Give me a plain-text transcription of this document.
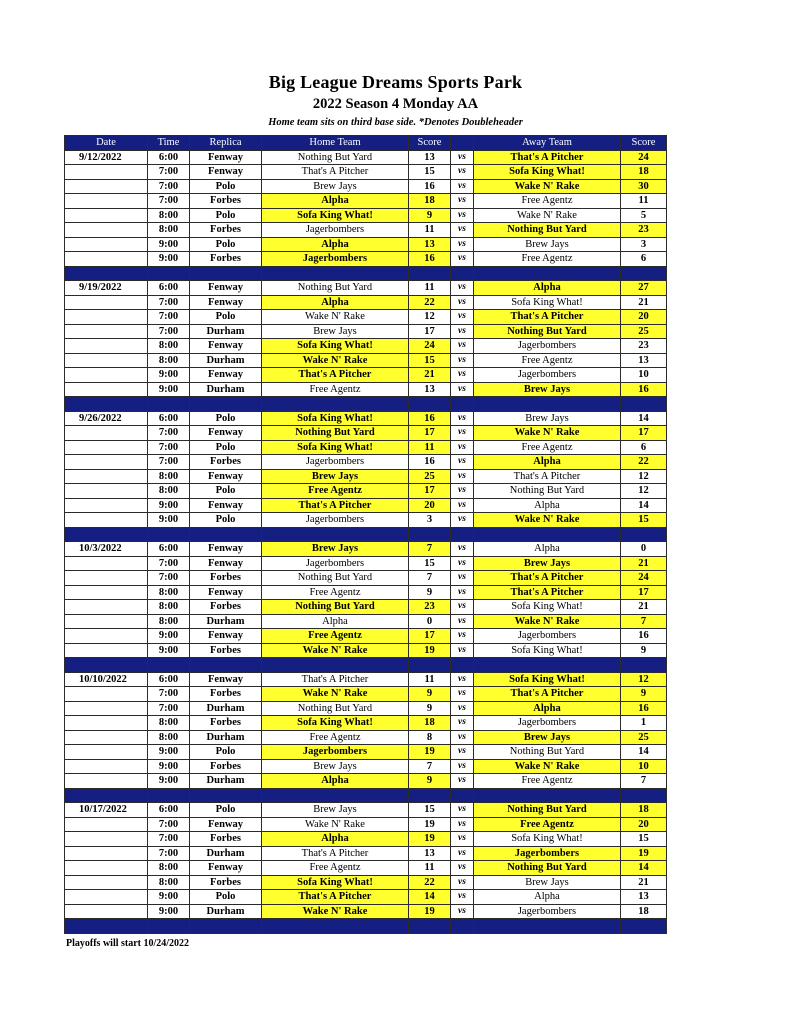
Big League Dreams Sports Park
2022 Season 4 Monday AA
Home team sits on third base side. *Denotes Doubleheader
Date	Time	Replica	Home Team	Score		Away Team	Score
9/12/2022	6:00	Fenway	Nothing But Yard	13	vs	That's A Pitcher	24
	7:00	Fenway	That's A Pitcher	15	vs	Sofa King What!	18
	7:00	Polo	Brew Jays	16	vs	Wake N' Rake	30
	7:00	Forbes	Alpha	18	vs	Free Agentz	11
	8:00	Polo	Sofa King What!	9	vs	Wake N' Rake	5
	8:00	Forbes	Jagerbombers	11	vs	Nothing But Yard	23
	9:00	Polo	Alpha	13	vs	Brew Jays	3
	9:00	Forbes	Jagerbombers	16	vs	Free Agentz	6

9/19/2022	6:00	Fenway	Nothing But Yard	11	vs	Alpha	27
	7:00	Fenway	Alpha	22	vs	Sofa King What!	21
	7:00	Polo	Wake N' Rake	12	vs	That's A Pitcher	20
	7:00	Durham	Brew Jays	17	vs	Nothing But Yard	25
	8:00	Fenway	Sofa King What!	24	vs	Jagerbombers	23
	8:00	Durham	Wake N' Rake	15	vs	Free Agentz	13
	9:00	Fenway	That's A Pitcher	21	vs	Jagerbombers	10
	9:00	Durham	Free Agentz	13	vs	Brew Jays	16

9/26/2022	6:00	Polo	Sofa King What!	16	vs	Brew Jays	14
	7:00	Fenway	Nothing But Yard	17	vs	Wake N' Rake	17
	7:00	Polo	Sofa King What!	11	vs	Free Agentz	6
	7:00	Forbes	Jagerbombers	16	vs	Alpha	22
	8:00	Fenway	Brew Jays	25	vs	That's A Pitcher	12
	8:00	Polo	Free Agentz	17	vs	Nothing But Yard	12
	9:00	Fenway	That's A Pitcher	20	vs	Alpha	14
	9:00	Polo	Jagerbombers	3	vs	Wake N' Rake	15

10/3/2022	6:00	Fenway	Brew Jays	7	vs	Alpha	0
	7:00	Fenway	Jagerbombers	15	vs	Brew Jays	21
	7:00	Forbes	Nothing But Yard	7	vs	That's A Pitcher	24
	8:00	Fenway	Free Agentz	9	vs	That's A Pitcher	17
	8:00	Forbes	Nothing But Yard	23	vs	Sofa King What!	21
	8:00	Durham	Alpha	0	vs	Wake N' Rake	7
	9:00	Fenway	Free Agentz	17	vs	Jagerbombers	16
	9:00	Forbes	Wake N' Rake	19	vs	Sofa King What!	9

10/10/2022	6:00	Fenway	That's A Pitcher	11	vs	Sofa King What!	12
	7:00	Forbes	Wake N' Rake	9	vs	That's A Pitcher	9
	7:00	Durham	Nothing But Yard	9	vs	Alpha	16
	8:00	Forbes	Sofa King What!	18	vs	Jagerbombers	1
	8:00	Durham	Free Agentz	8	vs	Brew Jays	25
	9:00	Polo	Jagerbombers	19	vs	Nothing But Yard	14
	9:00	Forbes	Brew Jays	7	vs	Wake N' Rake	10
	9:00	Durham	Alpha	9	vs	Free Agentz	7

10/17/2022	6:00	Polo	Brew Jays	15	vs	Nothing But Yard	18
	7:00	Fenway	Wake N' Rake	19	vs	Free Agentz	20
	7:00	Forbes	Alpha	19	vs	Sofa King What!	15
	7:00	Durham	That's A Pitcher	13	vs	Jagerbombers	19
	8:00	Fenway	Free Agentz	11	vs	Nothing But Yard	14
	8:00	Forbes	Sofa King What!	22	vs	Brew Jays	21
	9:00	Polo	That's A Pitcher	14	vs	Alpha	13
	9:00	Durham	Wake N' Rake	19	vs	Jagerbombers	18

Playoffs will start 10/24/2022
